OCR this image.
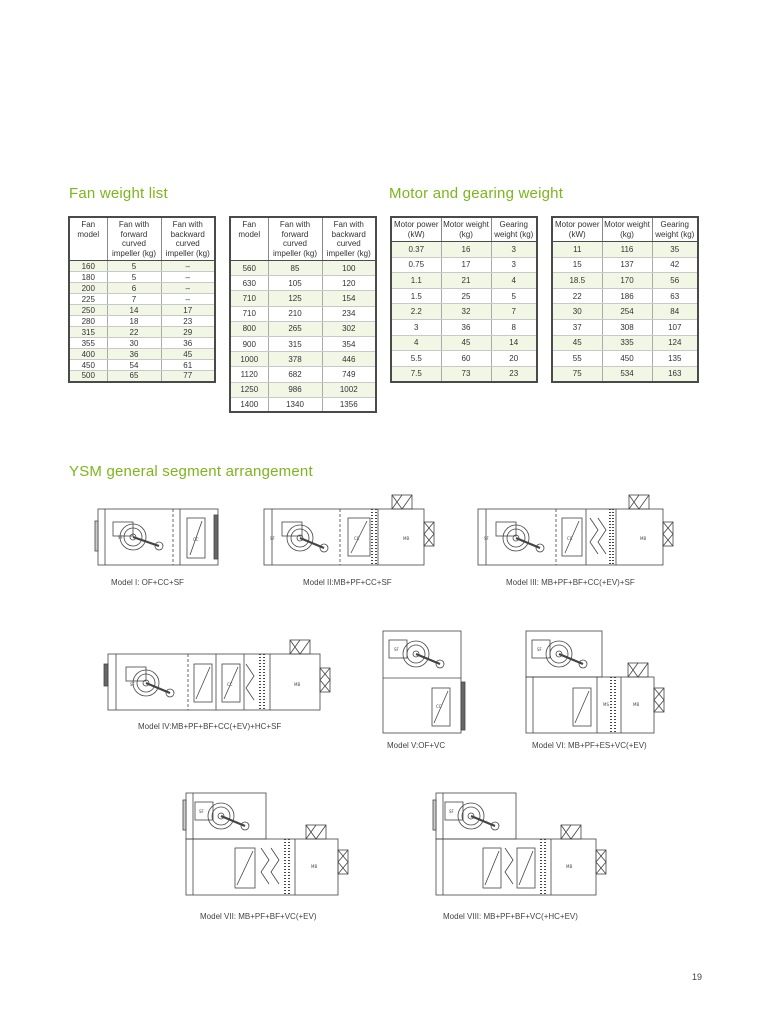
Fan weight list	Motor and gearing weight
YSM general segment arrangement
Fan model	Fan with forward curved impeller (kg)	Fan with backward curved impeller (kg)
160	5	–
180	5	–
200	6	–
225	7	–
250	14	17
280	18	23
315	22	29
355	30	36
400	36	45
450	54	61
500	65	77
Fan model	Fan with forward curved impeller (kg)	Fan with backward curved impeller (kg)
560	85	100
630	105	120
710	125	154
710	210	234
800	265	302
900	315	354
1000	378	446
1120	682	749
1250	986	1002
1400	1340	1356
Motor power (kW)	Motor weight (kg)	Gearing weight (kg)
0.37	16	3
0.75	17	3
1.1	21	4
1.5	25	5
2.2	32	7
3	36	8
4	45	14
5.5	60	20
7.5	73	23
Motor power (kW)	Motor weight (kg)	Gearing weight (kg)
11	116	35
15	137	42
18.5	170	56
22	186	63
30	254	84
37	308	107
45	335	124
55	450	135
75	534	163
SF	CC
Model I: OF+CC+SF
SF	CC	MB
Model II:MB+PF+CC+SF
SF	CC	MB
Model III: MB+PF+BF+CC(+EV)+SF
SF	CC	MB
Model IV:MB+PF+BF+CC(+EV)+HC+SF
SF
CC
Model V:OF+VC
SF
MS	MB
Model VI: MB+PF+ES+VC(+EV)
SF
MB
Model VII: MB+PF+BF+VC(+EV)
SF
MB
Model VIII: MB+PF+BF+VC(+HC+EV)
19
